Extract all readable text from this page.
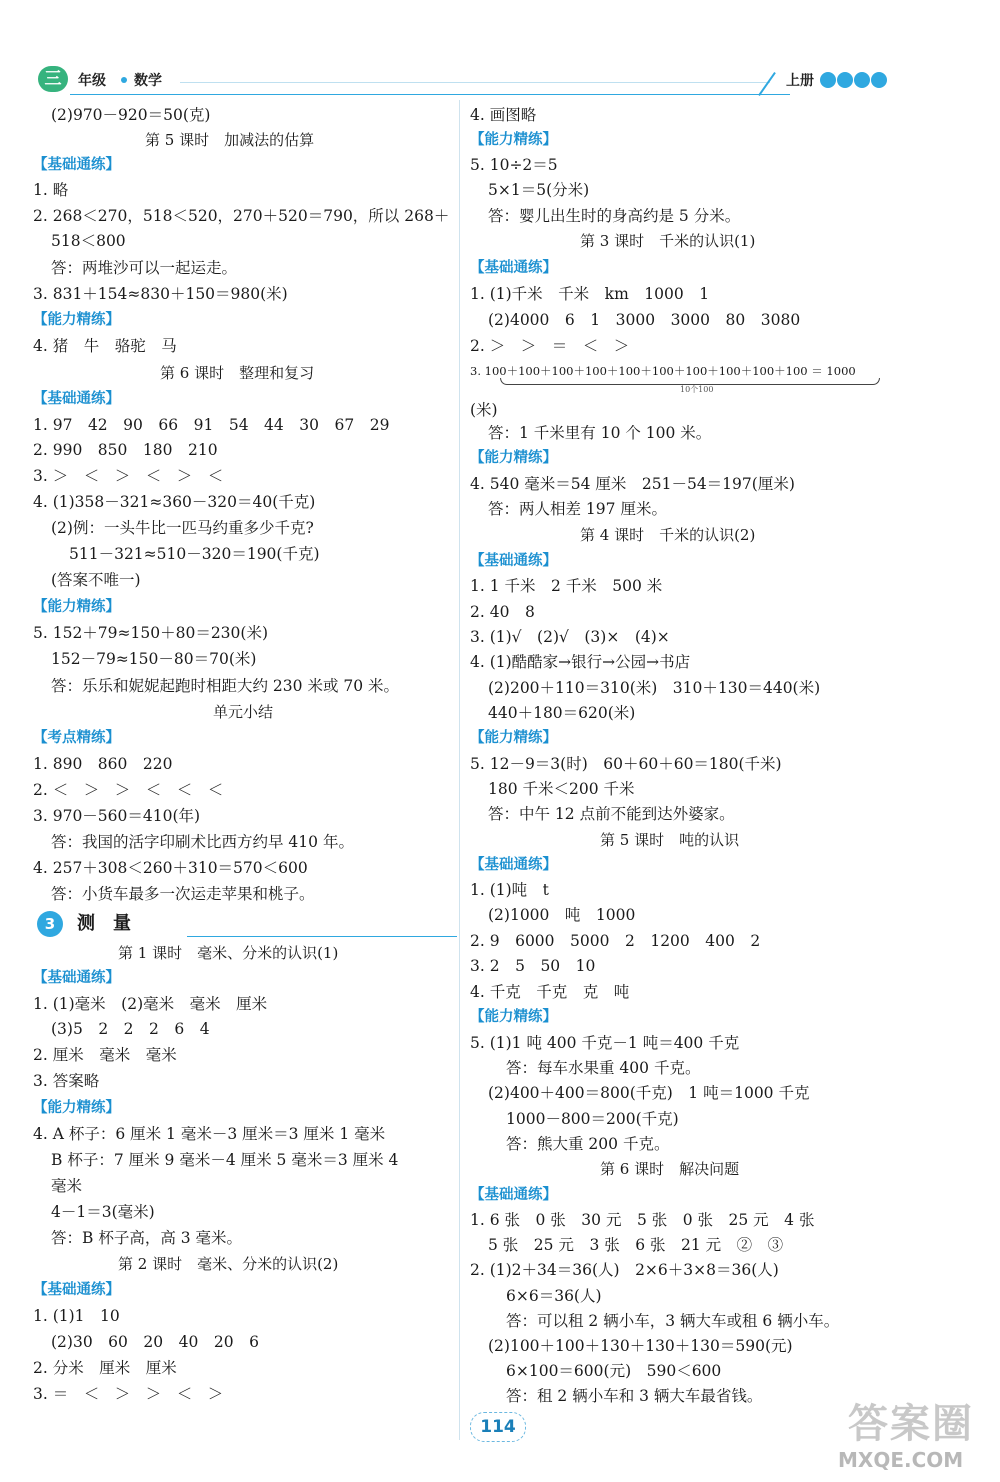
三	年级 数学	上册
(2)970－920＝50(克)
第 5 课时　加减法的估算
【基础通练】
1. 略
2. 268＜270，518＜520，270＋520＝790，所以 268＋
518＜800
答：两堆沙可以一起运走。
3. 831＋154≈830＋150＝980(米)
【能力精练】
4. 猪　牛　骆驼　马
第 6 课时　整理和复习
【基础通练】
1. 97　42　90　66　91　54　44　30　67　29
2. 990　850　180　210
3. ＞　＜　＞　＜　＞　＜
4. (1)358－321≈360－320＝40(千克)
(2)例：一头牛比一匹马约重多少千克?
511－321≈510－320＝190(千克)
(答案不唯一)
【能力精练】
5. 152＋79≈150＋80＝230(米)
152－79≈150－80＝70(米)
答：乐乐和妮妮起跑时相距大约 230 米或 70 米。
单元小结
【考点精练】
1. 890　860　220
2. ＜　＞　＞　＜　＜　＜
3. 970－560＝410(年)
答：我国的活字印刷术比西方约早 410 年。
4. 257＋308＜260＋310＝570＜600
答：小货车最多一次运走苹果和桃子。
3	测　量
第 1 课时　毫米、分米的认识(1)
【基础通练】
1. (1)毫米　(2)毫米　毫米　厘米
(3)5　2　2　2　6　4
2. 厘米　毫米　毫米
3. 答案略
【能力精练】
4. A 杯子：6 厘米 1 毫米－3 厘米＝3 厘米 1 毫米
B 杯子：7 厘米 9 毫米－4 厘米 5 毫米＝3 厘米 4
毫米
4－1＝3(毫米)
答：B 杯子高，高 3 毫米。
第 2 课时　毫米、分米的认识(2)
【基础通练】
1. (1)1　10
(2)30　60　20　40　20　6
2. 分米　厘米　厘米
3. ＝　＜　＞　＞　＜　＞
4. 画图略
【能力精练】
5. 10÷2＝5
5×1＝5(分米)
答：婴儿出生时的身高约是 5 分米。
第 3 课时　千米的认识(1)
【基础通练】
1. (1)千米　千米　km　1000　1
(2)4000　6　1　3000　3000　80　3080
2. ＞　＞　＝　＜　＞
3. 100＋100＋100＋100＋100＋100＋100＋100＋100＋100 ＝ 1000
10个100
(米)
答：1 千米里有 10 个 100 米。
【能力精练】
4. 540 毫米＝54 厘米　251－54＝197(厘米)
答：两人相差 197 厘米。
第 4 课时　千米的认识(2)
【基础通练】
1. 1 千米　2 千米　500 米
2. 40　8
3. (1)√　(2)√　(3)×　(4)×
4. (1)酷酷家→银行→公园→书店
(2)200＋110＝310(米)　310＋130＝440(米)
440＋180＝620(米)
【能力精练】
5. 12－9＝3(时)　60＋60＋60＝180(千米)
180 千米＜200 千米
答：中午 12 点前不能到达外婆家。
第 5 课时　吨的认识
【基础通练】
1. (1)吨　t
(2)1000　吨　1000
2. 9　6000　5000　2　1200　400　2
3. 2　5　50　10
4. 千克　千克　克　吨
【能力精练】
5. (1)1 吨 400 千克－1 吨＝400 千克
答：每车水果重 400 千克。
(2)400＋400＝800(千克)　1 吨＝1000 千克
1000－800＝200(千克)
答：熊大重 200 千克。
第 6 课时　解决问题
【基础通练】
1. 6 张　0 张　30 元　5 张　0 张　25 元　4 张
5 张　25 元　3 张　6 张　21 元　②　③
2. (1)2＋34＝36(人)　2×6＋3×8＝36(人)
6×6＝36(人)
答：可以租 2 辆小车，3 辆大车或租 6 辆小车。
(2)100＋100＋130＋130＋130＝590(元)
6×100＝600(元)　590＜600
答：租 2 辆小车和 3 辆大车最省钱。
114	答案圈
MXQE.COM
